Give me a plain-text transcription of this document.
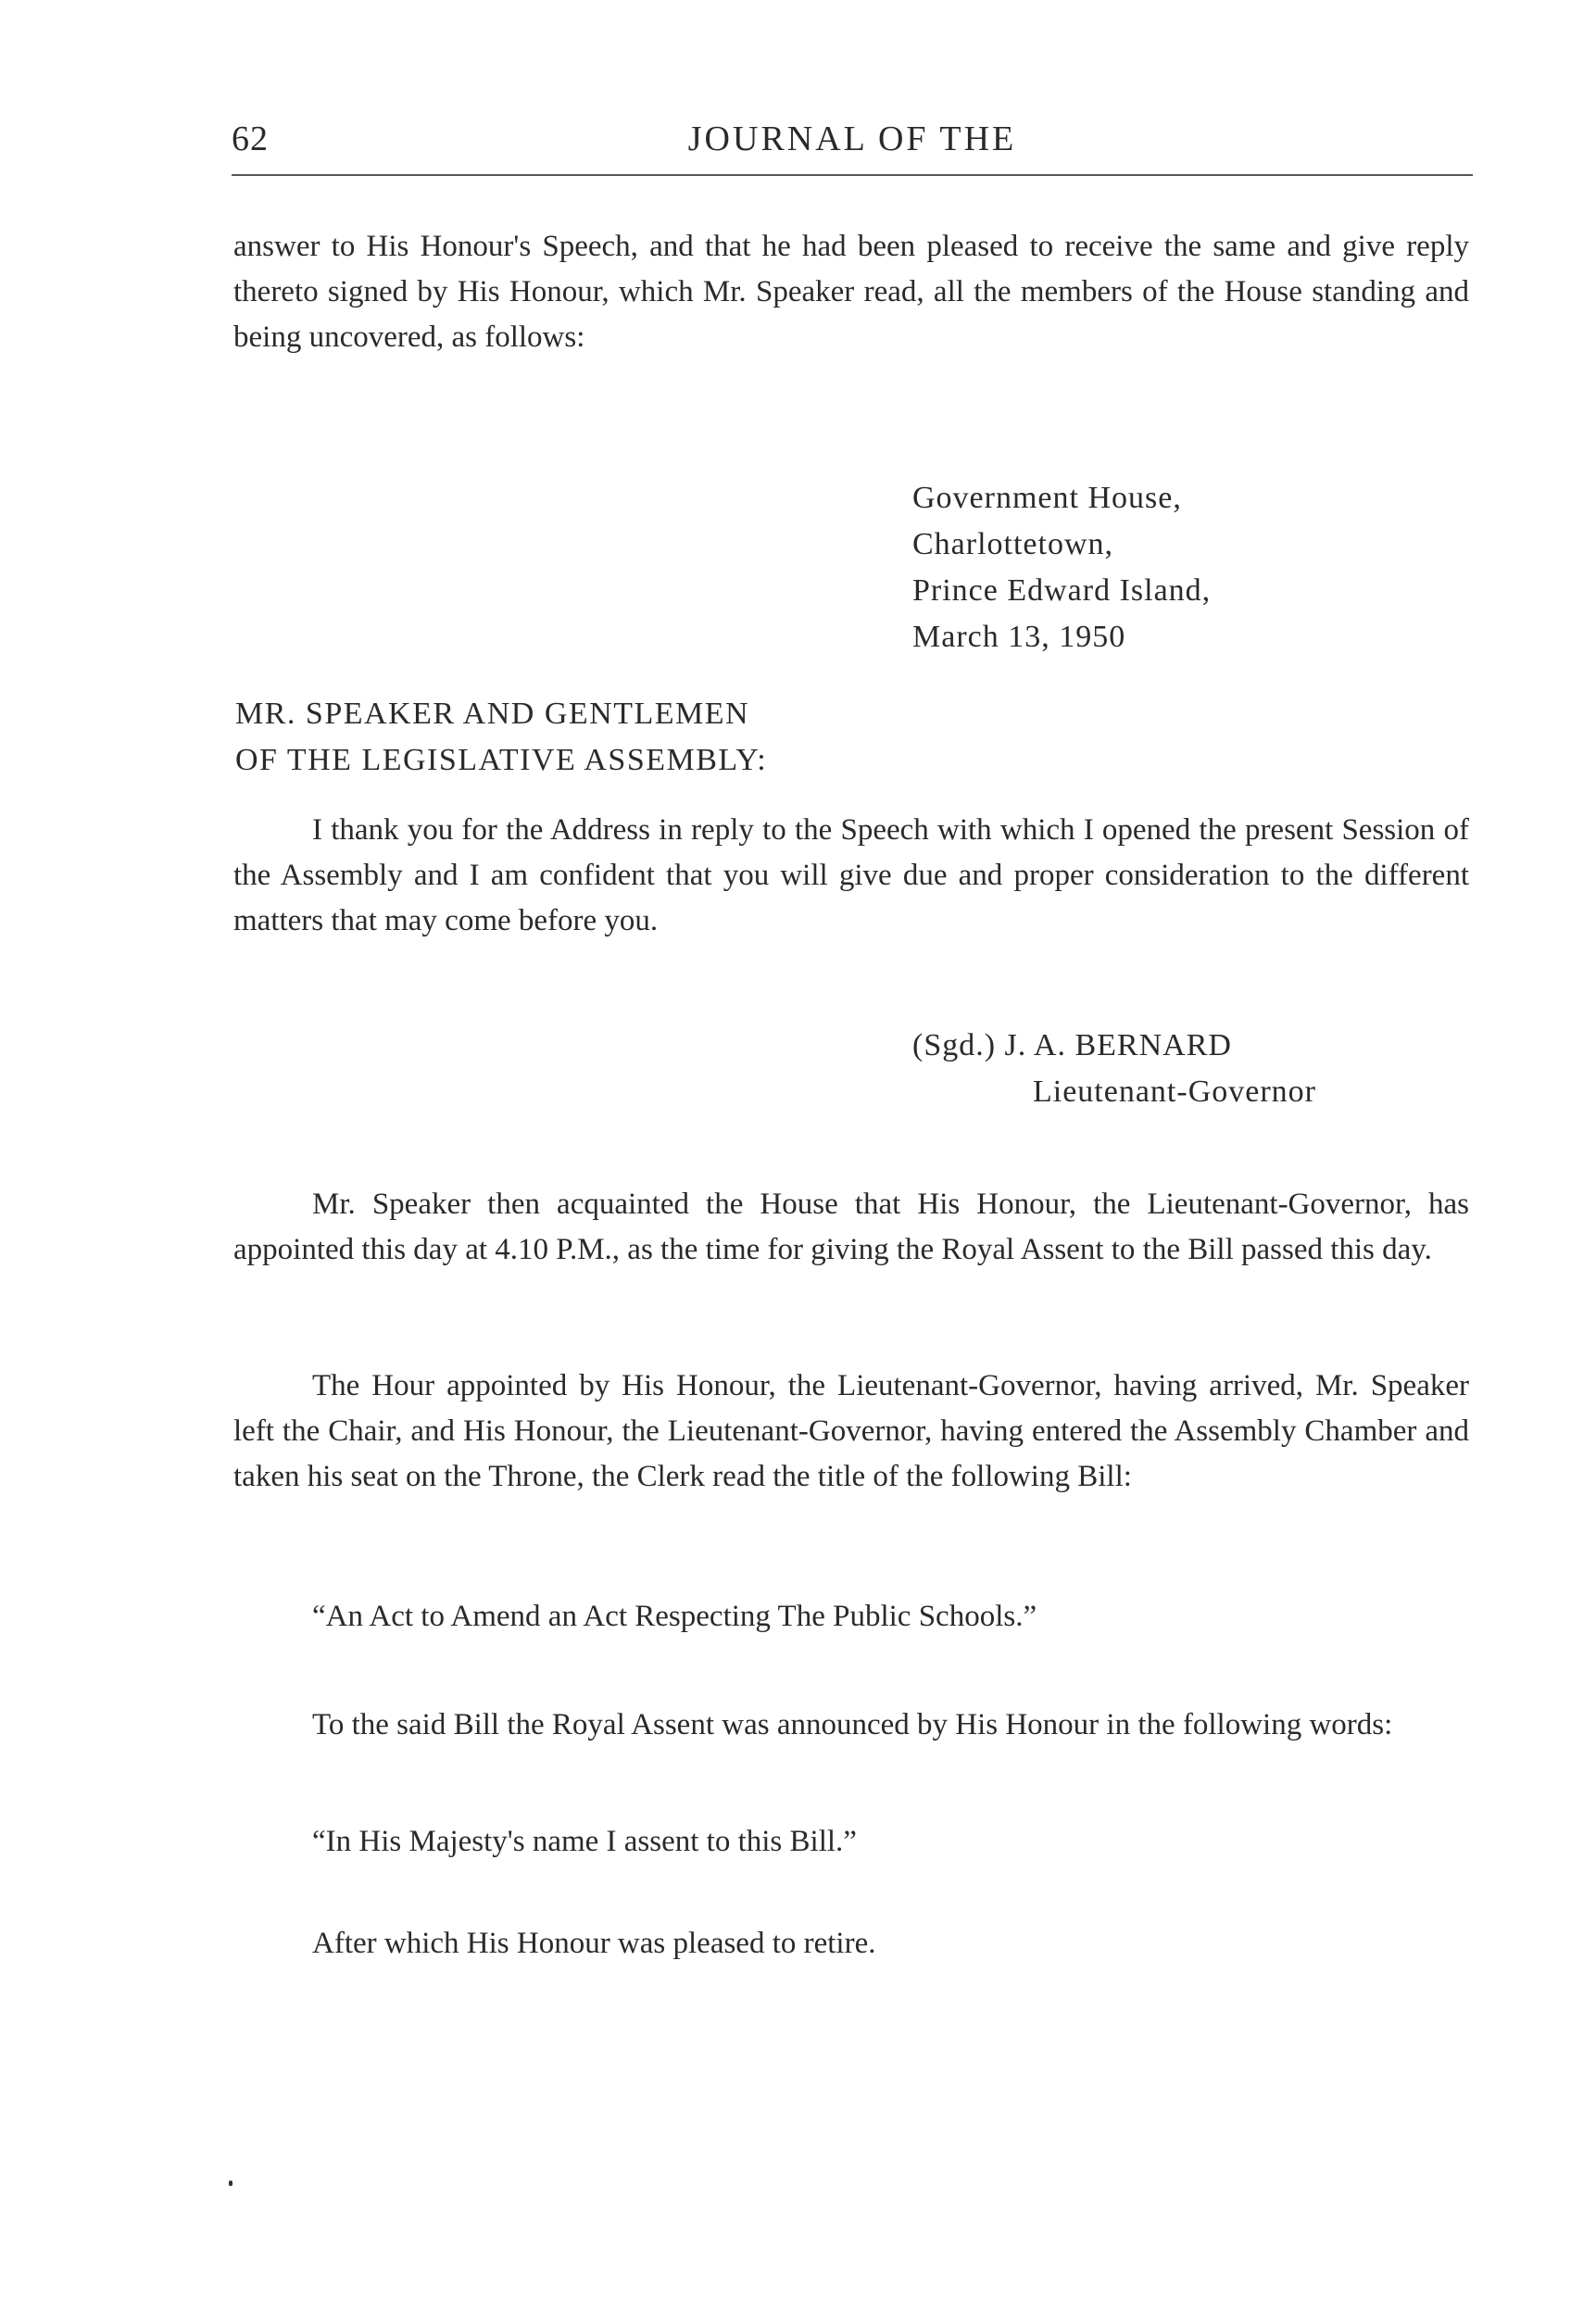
62	JOURNAL OF THE

answer to His Honour's Speech, and that he had been pleased to receive the same and give reply thereto signed by His Honour, which Mr. Speaker read, all the members of the House standing and being uncovered, as follows:

Government House,
Charlottetown,
Prince Edward Island,
March 13, 1950
MR. SPEAKER AND GENTLEMEN
OF THE LEGISLATIVE ASSEMBLY:

I thank you for the Address in reply to the Speech with which I opened the present Session of the Assembly and I am confident that you will give due and proper consideration to the different matters that may come before you.

(Sgd.) J. A. BERNARD
Lieutenant-Governor

Mr. Speaker then acquainted the House that His Honour, the Lieutenant-Governor, has appointed this day at 4.10 P.M., as the time for giving the Royal Assent to the Bill passed this day.

The Hour appointed by His Honour, the Lieutenant-Governor, having arrived, Mr. Speaker left the Chair, and His Honour, the Lieutenant-Governor, having entered the Assembly Chamber and taken his seat on the Throne, the Clerk read the title of the following Bill:

“An Act to Amend an Act Respecting The Public Schools.”

To the said Bill the Royal Assent was announced by His Honour in the following words:

“In His Majesty's name I assent to this Bill.”
After which His Honour was pleased to retire.
